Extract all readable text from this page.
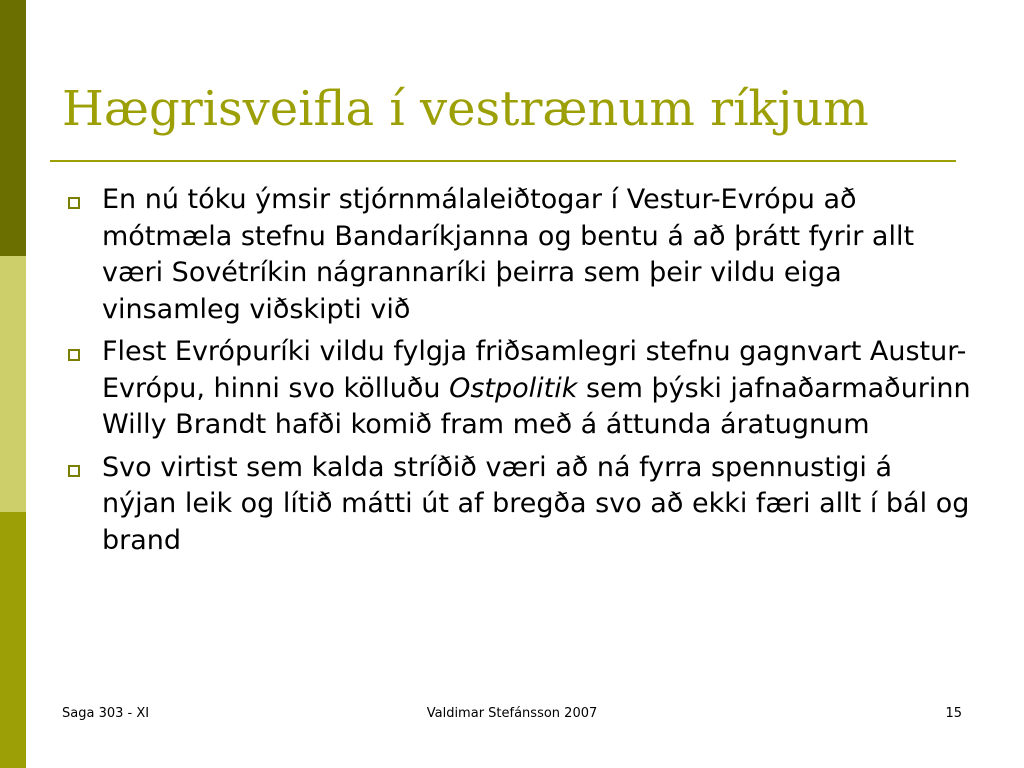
Hægrisveifla í vestrænum ríkjum
En nú tóku ýmsir stjórnmálaleiðtogar í Vestur-Evrópu að mótmæla stefnu Bandaríkjanna og bentu á að þrátt fyrir allt væri Sovétríkin nágrannaríki þeirra sem þeir vildu eiga vinsamleg viðskipti við
Flest Evrópuríki vildu fylgja friðsamlegri stefnu gagnvart Austur-Evrópu, hinni svo kölluðu Ostpolitik sem þýski jafnaðarmaðurinn Willy Brandt hafði komið fram með á áttunda áratugnum
Svo virtist sem kalda stríðið væri að ná fyrra spennustigi á nýjan leik og lítið mátti út af bregða svo að ekki færi allt í bál og brand
Saga 303 - XI	Valdimar Stefánsson 2007	15
